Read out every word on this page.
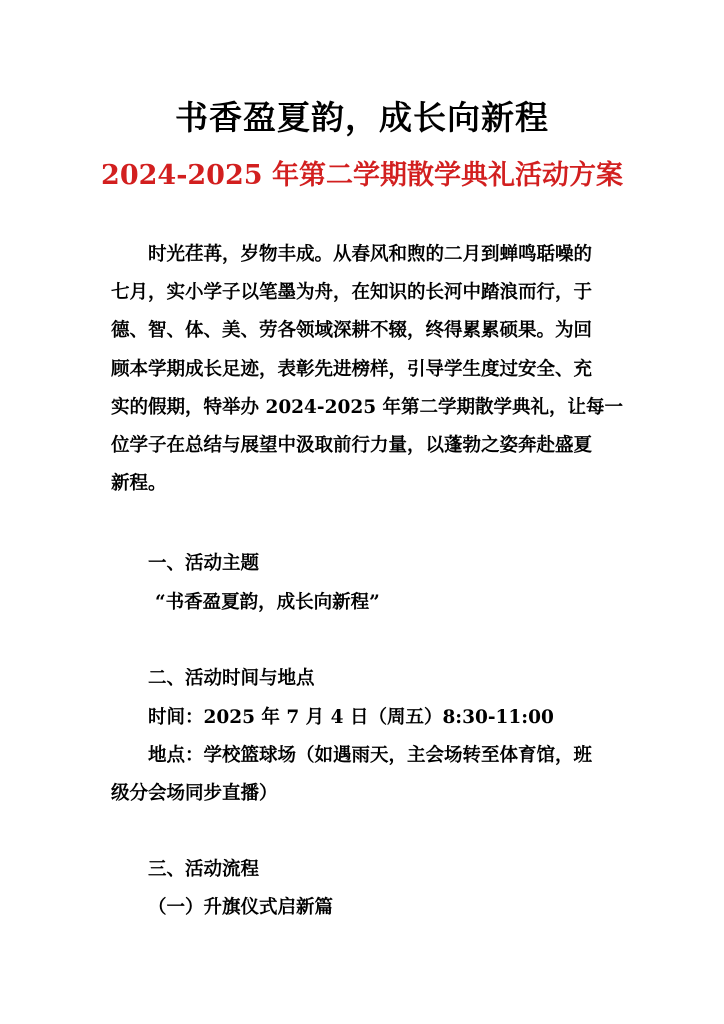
书香盈夏韵，成长向新程
2024-2025 年第二学期散学典礼活动方案
　　时光荏苒，岁物丰成。从春风和煦的二月到蝉鸣聒噪的
七月，实小学子以笔墨为舟，在知识的长河中踏浪而行，于
德、智、体、美、劳各领域深耕不辍，终得累累硕果。为回
顾本学期成长足迹，表彰先进榜样，引导学生度过安全、充
实的假期，特举办 2024-2025 年第二学期散学典礼，让每一
位学子在总结与展望中汲取前行力量，以蓬勃之姿奔赴盛夏
新程。
一、活动主题
“书香盈夏韵，成长向新程”
二、活动时间与地点
时间：2025 年 7 月 4 日（周五）8:30-11:00
地点：学校篮球场（如遇雨天，主会场转至体育馆，班
级分会场同步直播）
三、活动流程
（一）升旗仪式启新篇
